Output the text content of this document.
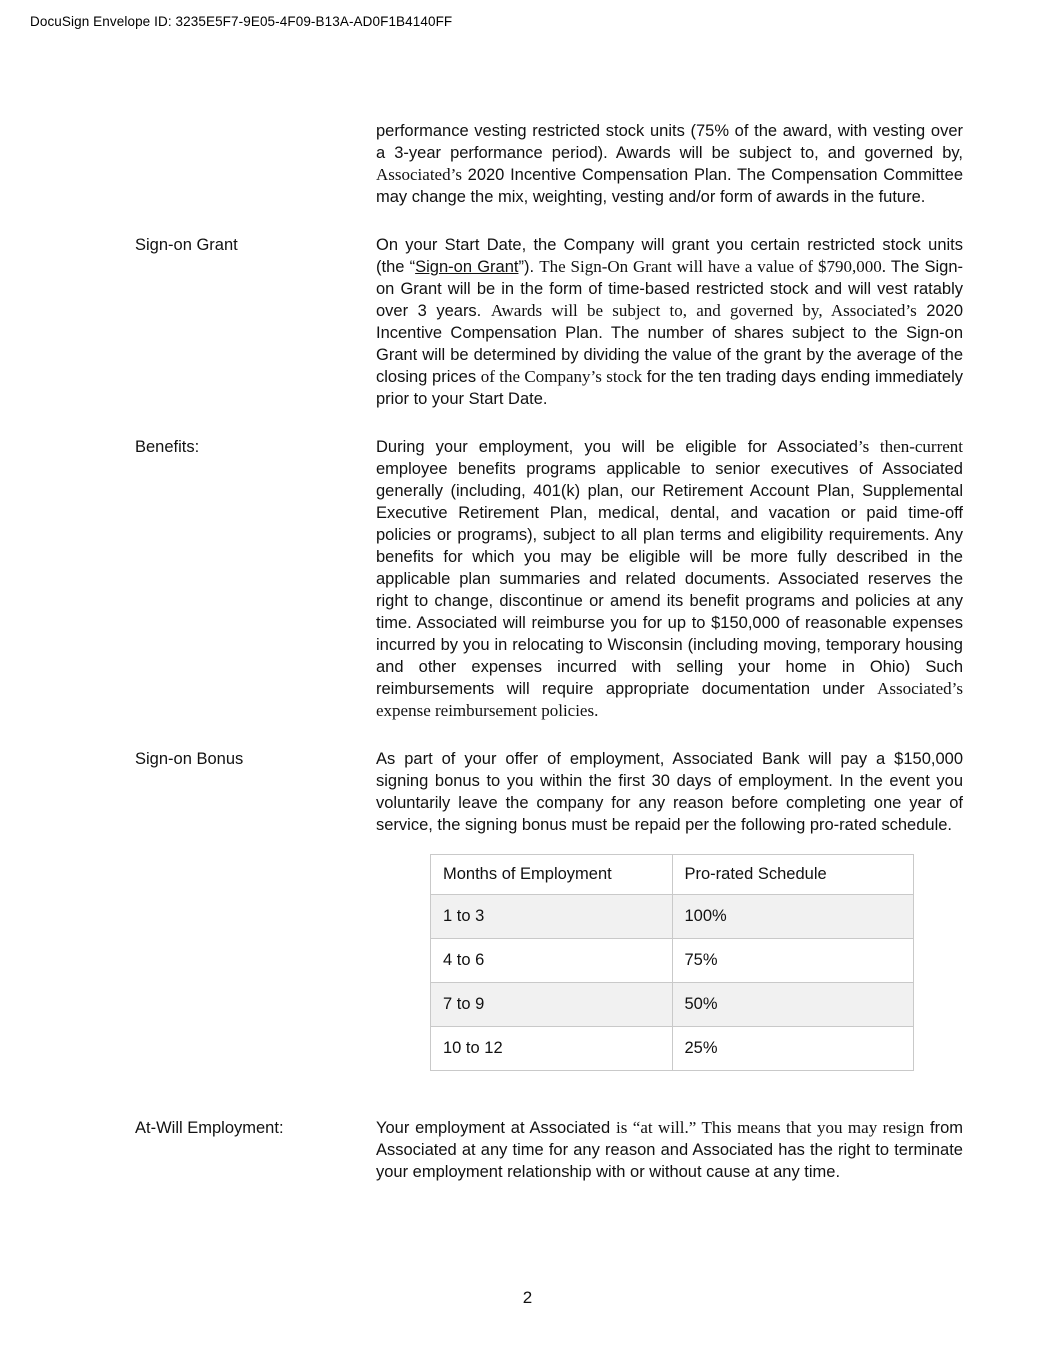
DocuSign Envelope ID: 3235E5F7-9E05-4F09-B13A-AD0F1B4140FF
performance vesting restricted stock units (75% of the award, with vesting over a 3-year performance period). Awards will be subject to, and governed by, Associated’s 2020 Incentive Compensation Plan. The Compensation Committee may change the mix, weighting, vesting and/or form of awards in the future.
Sign-on Grant	On your Start Date, the Company will grant you certain restricted stock units (the “Sign-on Grant”). The Sign-On Grant will have a value of $790,000. The Sign-on Grant will be in the form of time-based restricted stock and will vest ratably over 3 years. Awards will be subject to, and governed by, Associated’s 2020 Incentive Compensation Plan. The number of shares subject to the Sign-on Grant will be determined by dividing the value of the grant by the average of the closing prices of the Company’s stock for the ten trading days ending immediately prior to your Start Date.
Benefits:	During your employment, you will be eligible for Associated’s then-current employee benefits programs applicable to senior executives of Associated generally (including, 401(k) plan, our Retirement Account Plan, Supplemental Executive Retirement Plan, medical, dental, and vacation or paid time-off policies or programs), subject to all plan terms and eligibility requirements. Any benefits for which you may be eligible will be more fully described in the applicable plan summaries and related documents. Associated reserves the right to change, discontinue or amend its benefit programs and policies at any time. Associated will reimburse you for up to $150,000 of reasonable expenses incurred by you in relocating to Wisconsin (including moving, temporary housing and other expenses incurred with selling your home in Ohio) Such reimbursements will require appropriate documentation under Associated’s expense reimbursement policies.
Sign-on Bonus	As part of your offer of employment, Associated Bank will pay a $150,000 signing bonus to you within the first 30 days of employment. In the event you voluntarily leave the company for any reason before completing one year of service, the signing bonus must be repaid per the following pro-rated schedule.
Months of Employment	Pro-rated Schedule
1 to 3	100%
4 to 6	75%
7 to 9	50%
10 to 12	25%
At-Will Employment:	Your employment at Associated is “at will.” This means that you may resign from Associated at any time for any reason and Associated has the right to terminate your employment relationship with or without cause at any time.
2
